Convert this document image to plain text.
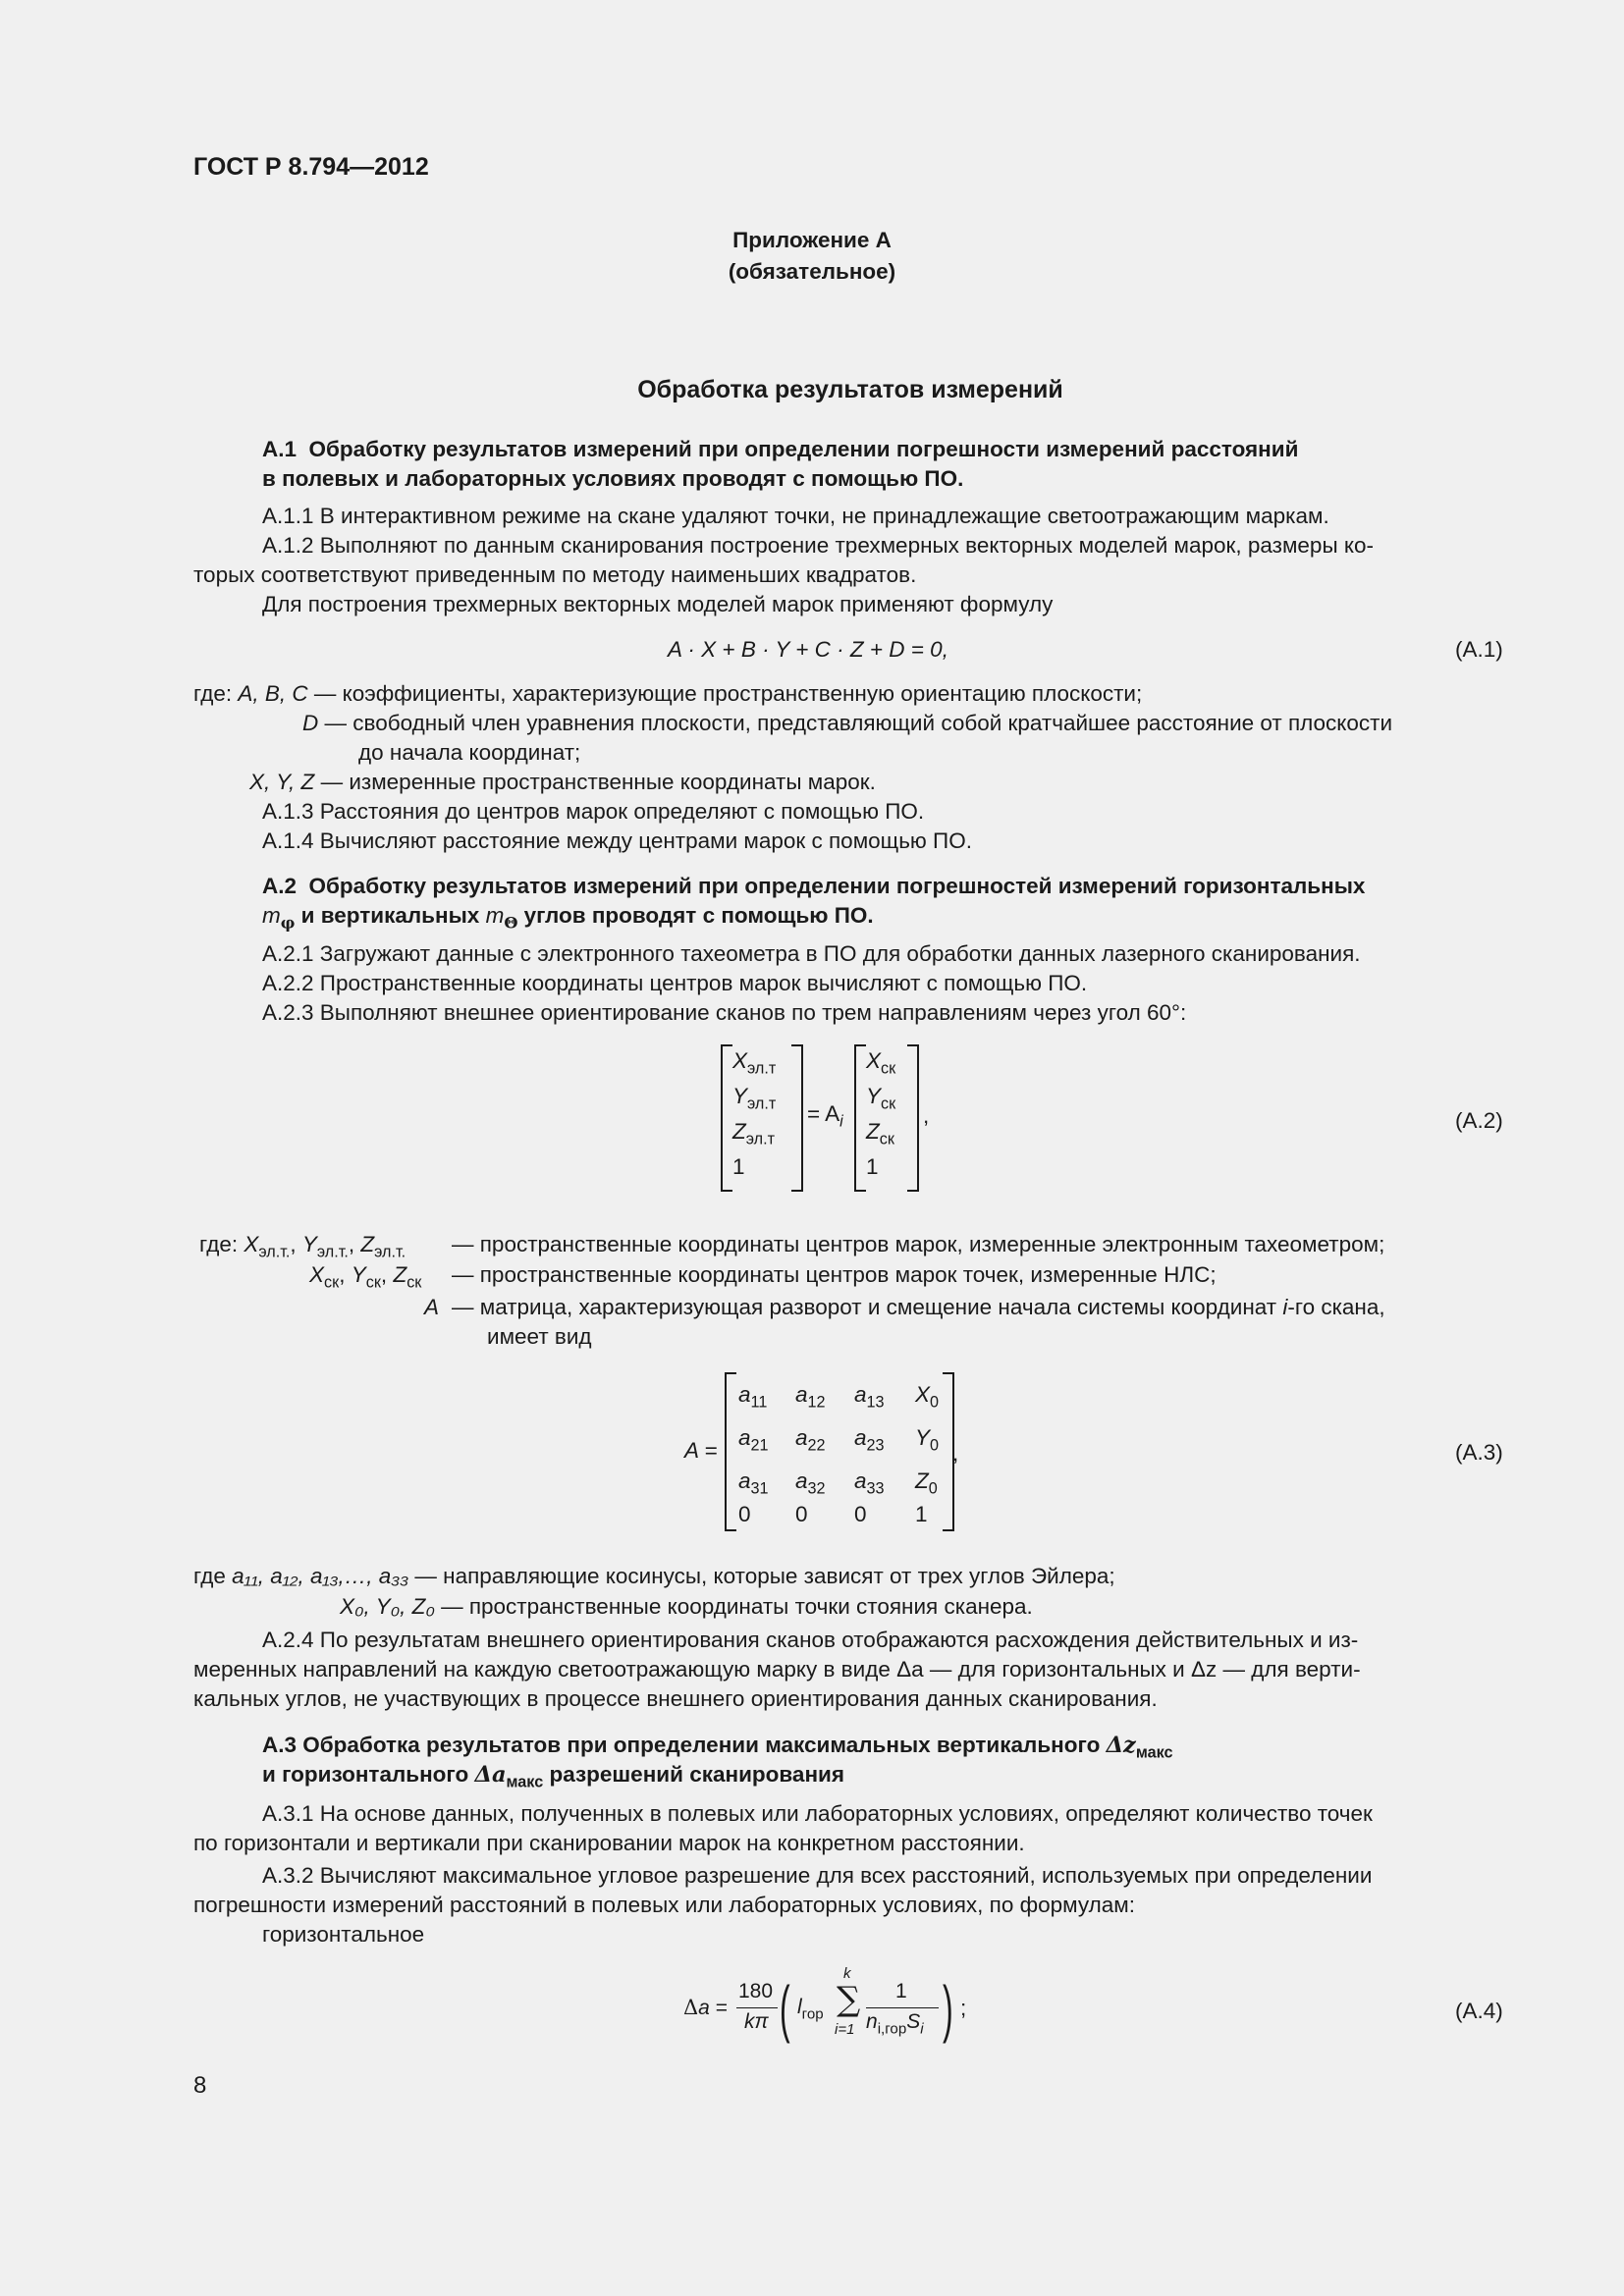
ГОСТ Р 8.794—2012
Приложение А
(обязательное)
Обработка результатов измерений
А.1 Обработку результатов измерений при определении погрешности измерений расстояний
в полевых и лабораторных условиях проводят с помощью ПО.
А.1.1 В интерактивном режиме на скане удаляют точки, не принадлежащие светоотражающим маркам.
А.1.2 Выполняют по данным сканирования построение трехмерных векторных моделей марок, размеры ко-
торых соответствуют приведенным по методу наименьших квадратов.
Для построения трехмерных векторных моделей марок применяют формулу
A · X + B · Y + C · Z + D = 0,	(А.1)
где: A, B, C — коэффициенты, характеризующие пространственную ориентацию плоскости;
D — свободный член уравнения плоскости, представляющий собой кратчайшее расстояние от плоскости
до начала координат;
X, Y, Z — измеренные пространственные координаты марок.
А.1.3 Расстояния до центров марок определяют с помощью ПО.
А.1.4 Вычисляют расстояние между центрами марок с помощью ПО.
А.2 Обработку результатов измерений при определении погрешностей измерений горизонтальных
$m_\varphi$ и вертикальных $m_\Theta$ углов проводят с помощью ПО.
А.2.1 Загружают данные с электронного тахеометра в ПО для обработки данных лазерного сканирования.
А.2.2 Пространственные координаты центров марок вычисляют с помощью ПО.
А.2.3 Выполняют внешнее ориентирование сканов по трем направлениям через угол 60°:
$X_{эл.т}$
$Y_{эл.т}$
$Z_{эл.т}$
1
= $A_i$
$X_{ск}$
$Y_{ск}$
$Z_{ск}$
1
,	(А.2)
где: $X_{эл.т.}$, $Y_{эл.т.}$, $Z_{эл.т.}$ — пространственные координаты центров марок, измеренные электронным тахеометром;
$X_{ск}$, $Y_{ск}$, $Z_{ск}$ — пространственные координаты центров марок точек, измеренные НЛС;
A — матрица, характеризующая разворот и смещение начала системы координат i-го скана,
имеет вид
A =	,	(А.3)
$a_{11}$ $a_{12}$ $a_{13}$ $X_0$
$a_{21}$ $a_{22}$ $a_{23}$ $Y_0$
$a_{31}$ $a_{32}$ $a_{33}$ $Z_0$
0 0 0 1
где a₁₁, a₁₂, a₁₃,…, a₃₃ — направляющие косинусы, которые зависят от трех углов Эйлера;
X₀, Y₀, Z₀ — пространственные координаты точки стояния сканера.
А.2.4 По результатам внешнего ориентирования сканов отображаются расхождения действительных и из-
меренных направлений на каждую светоотражающую марку в виде Δa — для горизонтальных и Δz — для верти-
кальных углов, не участвующих в процессе внешнего ориентирования данных сканирования.
А.3 Обработка результатов при определении максимальных вертикального $\Delta z_{макс}$
и горизонтального $\Delta a_{макс}$ разрешений сканирования
А.3.1 На основе данных, полученных в полевых или лабораторных условиях, определяют количество точек
по горизонтали и вертикали при сканировании марок на конкретном расстоянии.
А.3.2 Вычисляют максимальное угловое разрешение для всех расстояний, используемых при определении
погрешности измерений расстояний в полевых или лабораторных условиях, по формулам:
горизонтальное
Δa =
180
kπ ( $l_{гор}$
k
∑
i=1
1
$n_{i,гор}S_i$ ) ;	(А.4)
8
